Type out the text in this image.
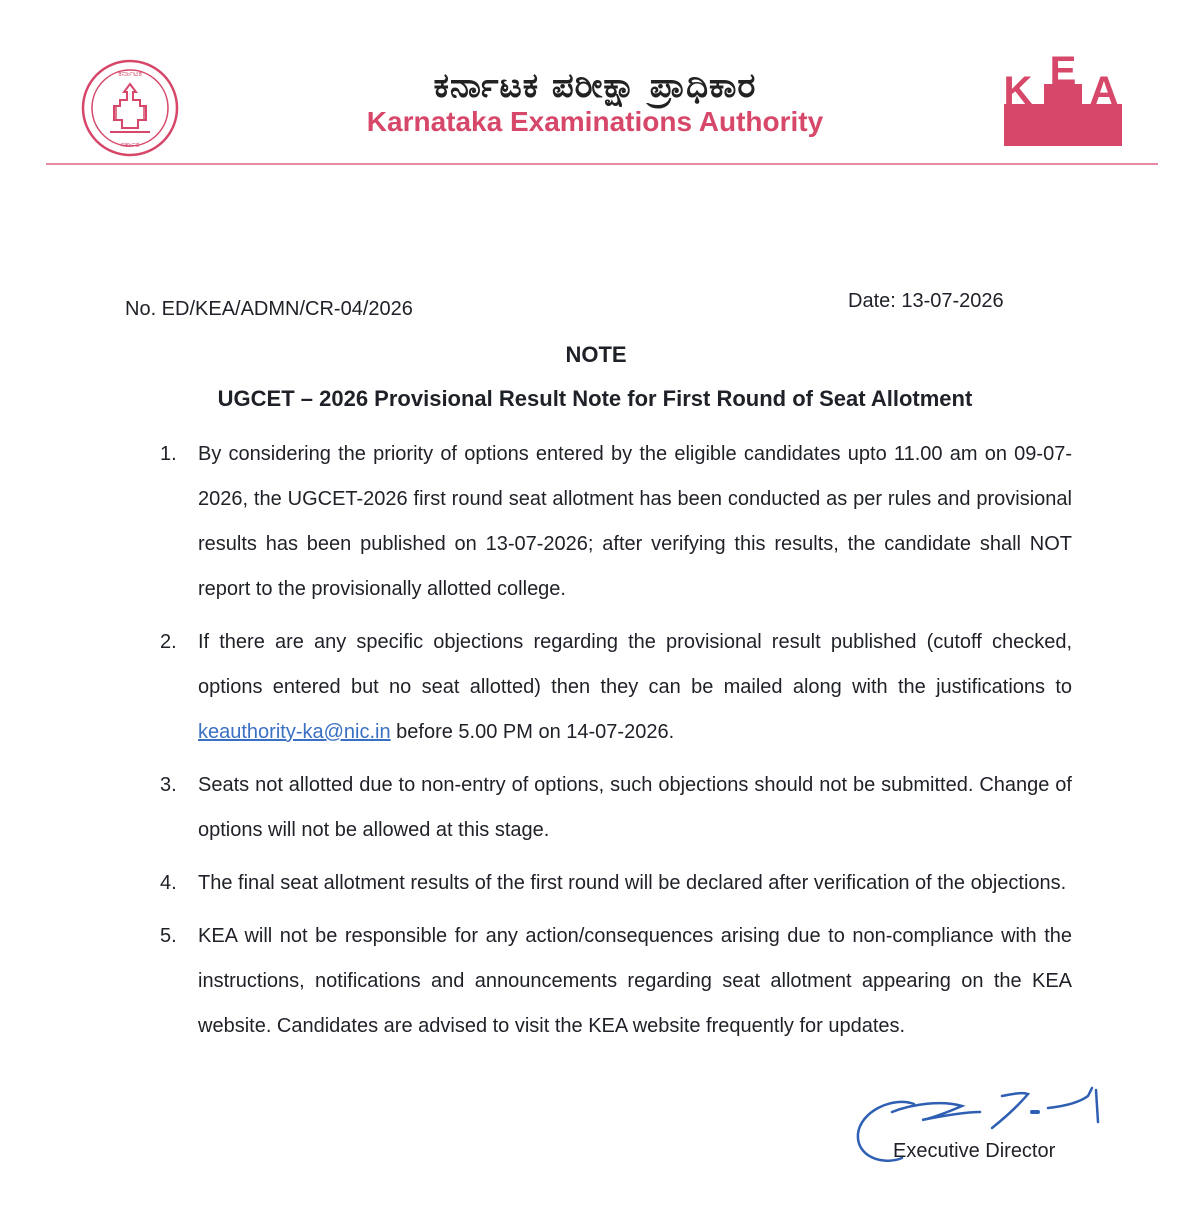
ಕರ್ನಾಟಕ
ಸರ್ಕಾರ
ಕರ್ನಾಟಕ ಪರೀಕ್ಷಾ ಪ್ರಾಧಿಕಾರ
Karnataka Examinations Authority
K E A
No. ED/KEA/ADMN/CR-04/2026	Date: 13-07-2026
NOTE
UGCET – 2026 Provisional Result Note for First Round of Seat Allotment
1. By considering the priority of options entered by the eligible candidates upto 11.00 am on 09-07-2026, the UGCET-2026 first round seat allotment has been conducted as per rules and provisional results has been published on 13-07-2026; after verifying this results, the candidate shall NOT report to the provisionally allotted college.
2. If there are any specific objections regarding the provisional result published (cutoff checked, options entered but no seat allotted) then they can be mailed along with the justifications to keauthority-ka@nic.in before 5.00 PM on 14-07-2026.
3. Seats not allotted due to non-entry of options, such objections should not be submitted. Change of options will not be allowed at this stage.
4. The final seat allotment results of the first round will be declared after verification of the objections.
5. KEA will not be responsible for any action/consequences arising due to non-compliance with the instructions, notifications and announcements regarding seat allotment appearing on the KEA website. Candidates are advised to visit the KEA website frequently for updates.
Executive Director
